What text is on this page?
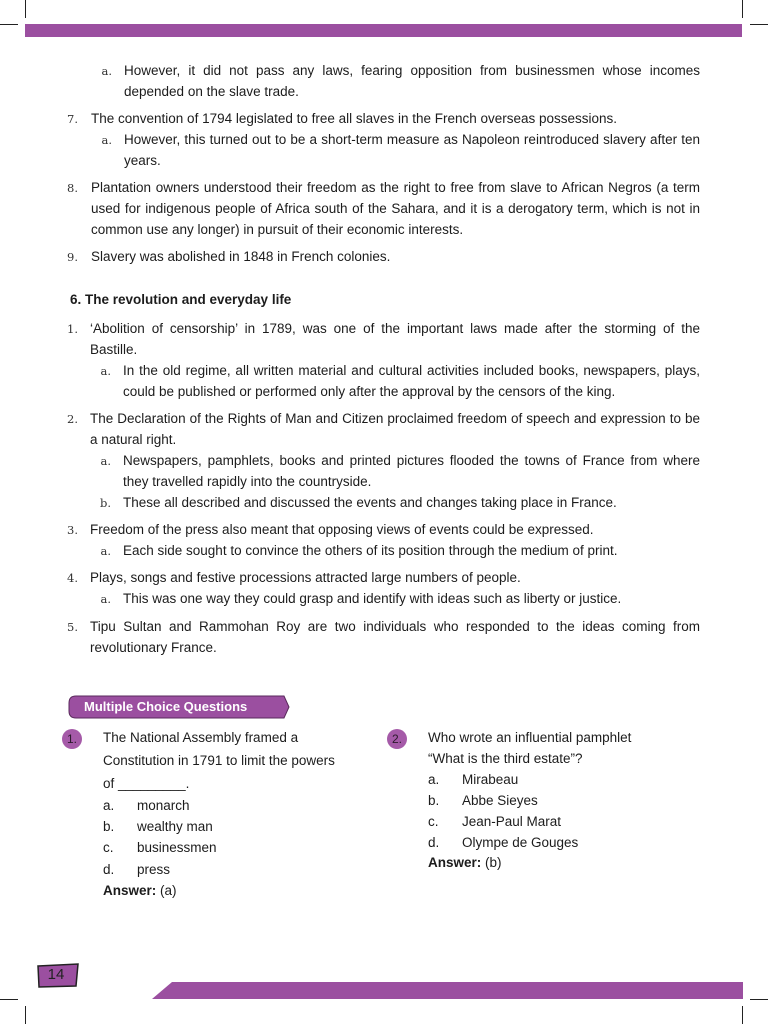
a. However, it did not pass any laws, fearing opposition from businessmen whose incomes depended on the slave trade.
7. The convention of 1794 legislated to free all slaves in the French overseas possessions.
a. However, this turned out to be a short-term measure as Napoleon reintroduced slavery after ten years.
8. Plantation owners understood their freedom as the right to free from slave to African Negros (a term used for indigenous people of Africa south of the Sahara, and it is a derogatory term, which is not in common use any longer) in pursuit of their economic interests.
9. Slavery was abolished in 1848 in French colonies.
6. The revolution and everyday life
1. ‘Abolition of censorship’ in 1789, was one of the important laws made after the storming of the Bastille.
a. In the old regime, all written material and cultural activities included books, newspapers, plays, could be published or performed only after the approval by the censors of the king.
2. The Declaration of the Rights of Man and Citizen proclaimed freedom of speech and expression to be a natural right.
a. Newspapers, pamphlets, books and printed pictures flooded the towns of France from where they travelled rapidly into the countryside.
b. These all described and discussed the events and changes taking place in France.
3. Freedom of the press also meant that opposing views of events could be expressed.
a. Each side sought to convince the others of its position through the medium of print.
4. Plays, songs and festive processions attracted large numbers of people.
a. This was one way they could grasp and identify with ideas such as liberty or justice.
5. Tipu Sultan and Rammohan Roy are two individuals who responded to the ideas coming from revolutionary France.
Multiple Choice Questions
1.	The National Assembly framed a
Constitution in 1791 to limit the powers
of _________.
a. monarch
b. wealthy man
c. businessmen
d. press
Answer: (a)
2.	Who wrote an influential pamphlet
“What is the third estate”?
a. Mirabeau
b. Abbe Sieyes
c. Jean-Paul Marat
d. Olympe de Gouges
Answer: (b)
14
